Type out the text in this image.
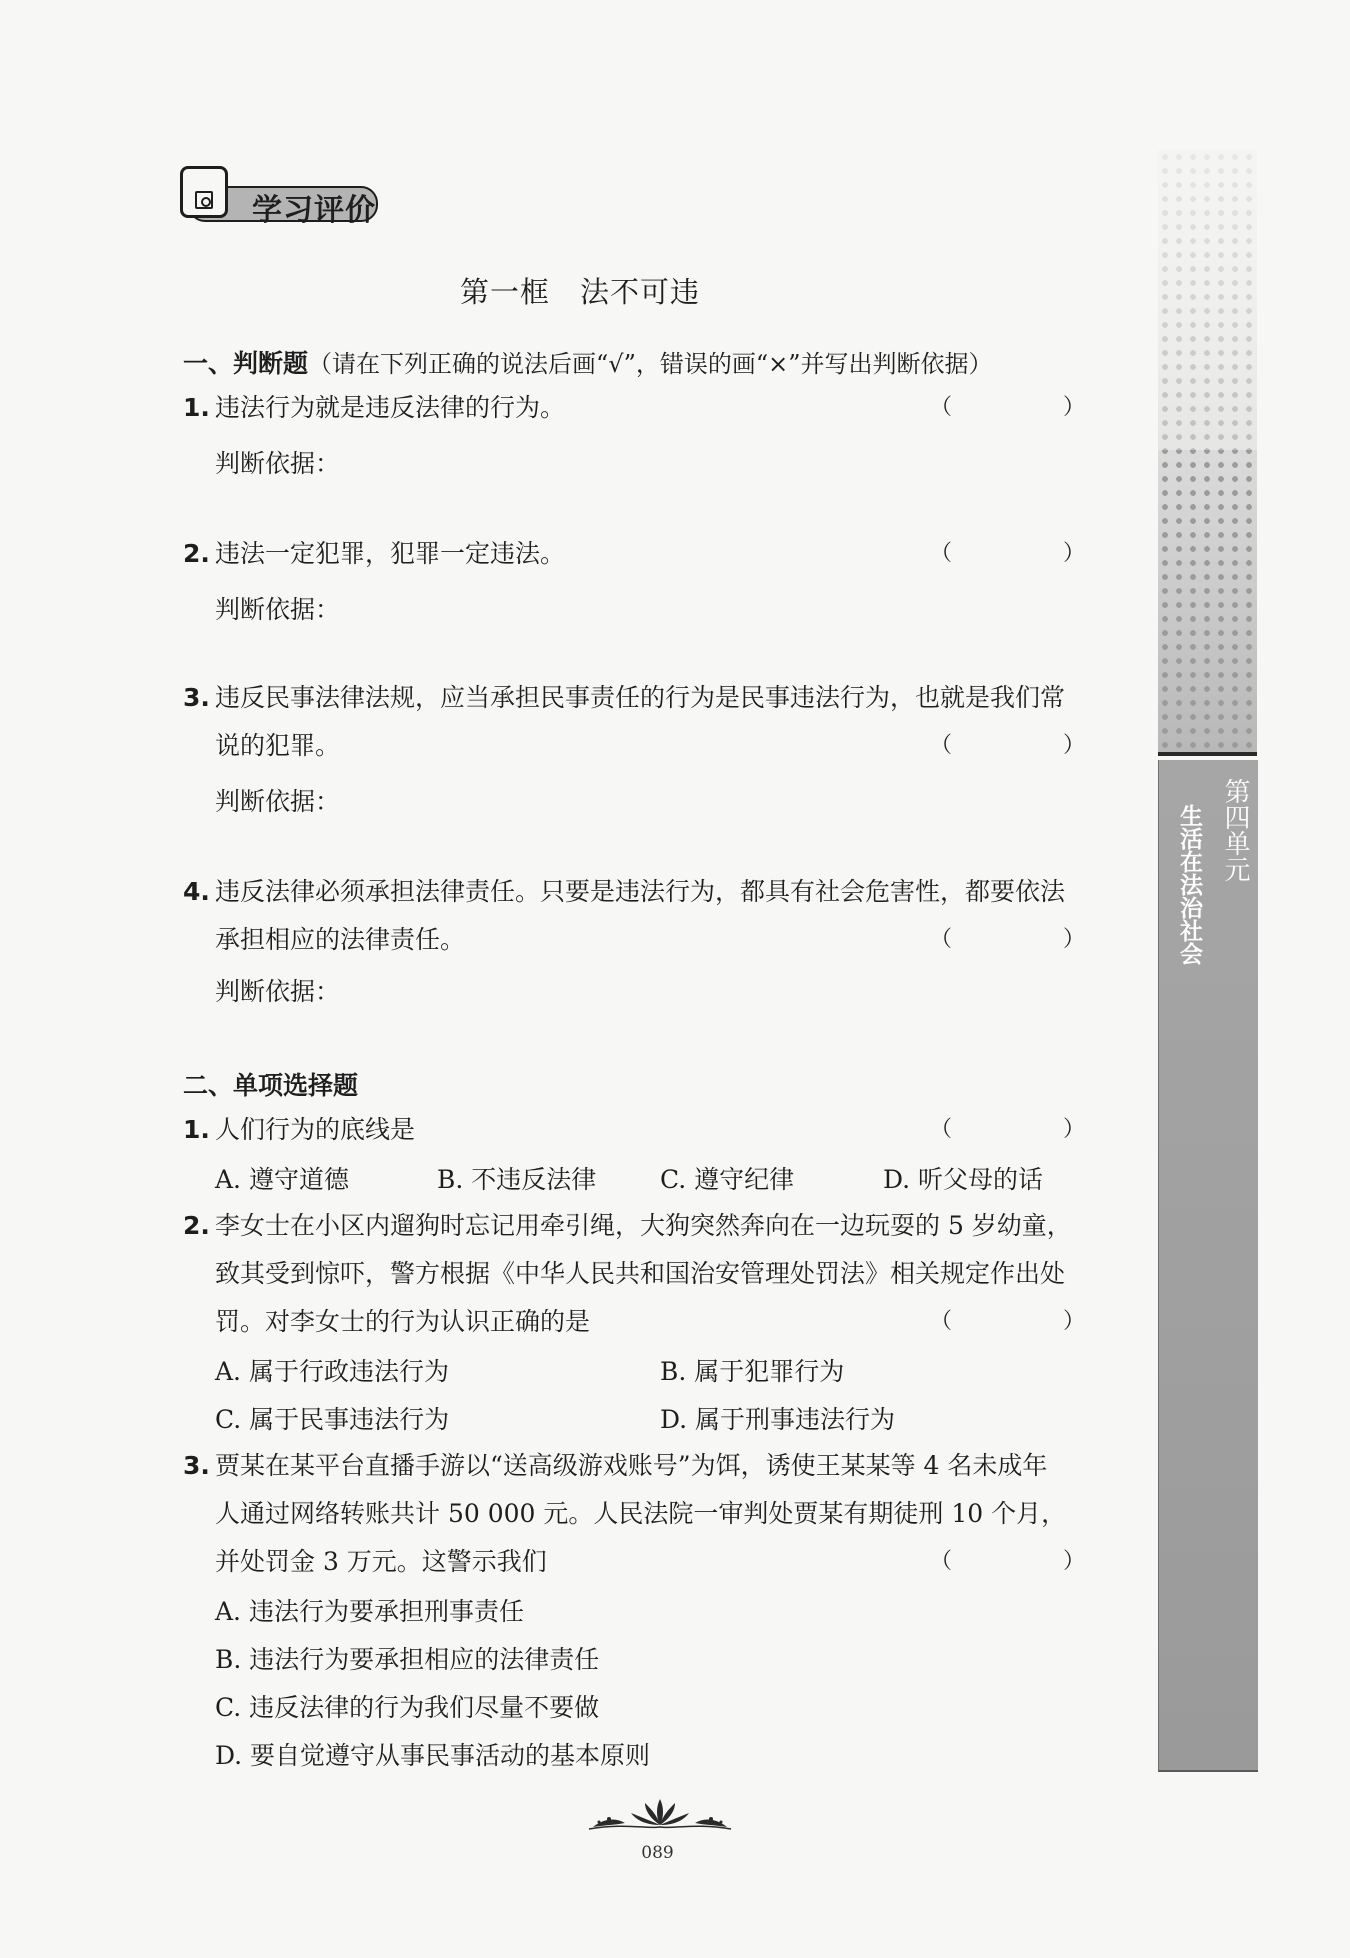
学习评价
第一框　法不可违
一、判断题（请在下列正确的说法后画“√”，错误的画“×”并写出判断依据）
1. 违法行为就是违反法律的行为。	（ ）
判断依据：
2. 违法一定犯罪，犯罪一定违法。	（ ）
判断依据：
3. 违反民事法律法规，应当承担民事责任的行为是民事违法行为，也就是我们常
说的犯罪。	（ ）
判断依据：
4. 违反法律必须承担法律责任。只要是违法行为，都具有社会危害性，都要依法
承担相应的法律责任。	（ ）
判断依据：
二、单项选择题
1. 人们行为的底线是	（ ）
A. 遵守道德	B. 不违反法律	C. 遵守纪律	D. 听父母的话
2. 李女士在小区内遛狗时忘记用牵引绳，大狗突然奔向在一边玩耍的 5 岁幼童，
致其受到惊吓，警方根据《中华人民共和国治安管理处罚法》相关规定作出处
罚。对李女士的行为认识正确的是	（ ）
A. 属于行政违法行为	B. 属于犯罪行为
C. 属于民事违法行为	D. 属于刑事违法行为
3. 贾某在某平台直播手游以“送高级游戏账号”为饵，诱使王某某等 4 名未成年
人通过网络转账共计 50 000 元。人民法院一审判处贾某有期徒刑 10 个月，
并处罚金 3 万元。这警示我们	（ ）
A. 违法行为要承担刑事责任
B. 违法行为要承担相应的法律责任
C. 违反法律的行为我们尽量不要做
D. 要自觉遵守从事民事活动的基本原则
第四单元
生活在法治社会
089
